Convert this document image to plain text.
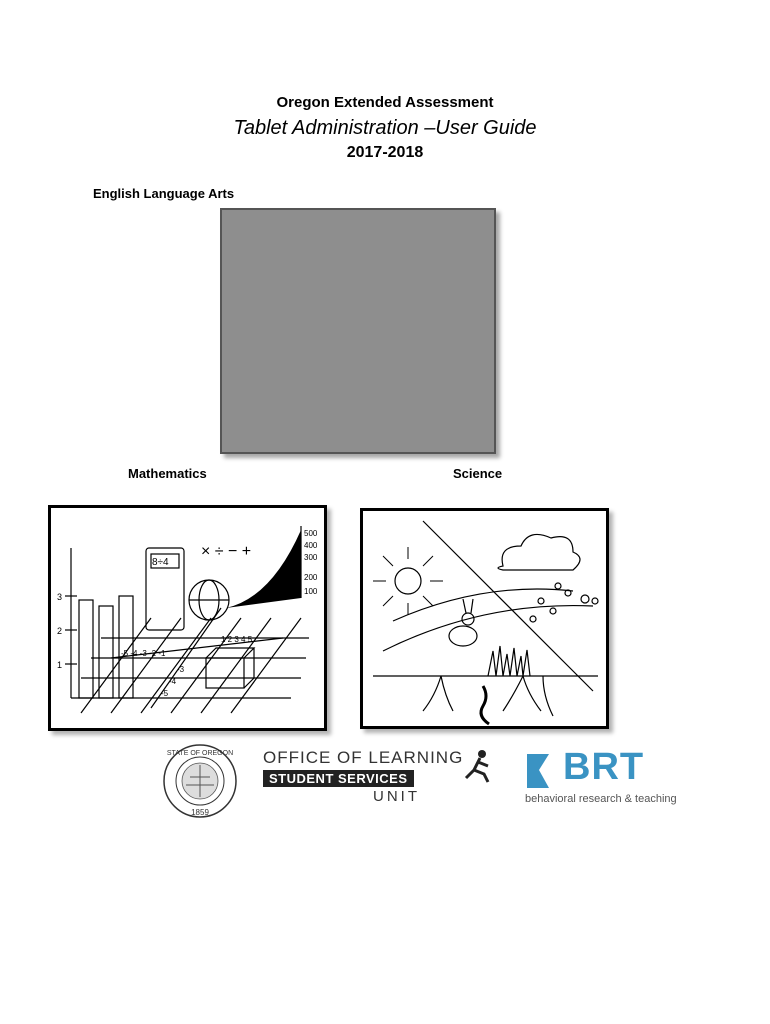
Oregon Extended Assessment
Tablet Administration –User Guide
2017-2018
English Language Arts
Mathematics	Science
8÷4
× ÷ − +
500
400
300
200
100
3
2
1
-5 -4 -3 -2 -1
1 2 3 4 5
-3
-4
-5
STATE OF OREGON
1859
OFFICE OF LEARNING
STUDENT SERVICES
UNIT
BRT
behavioral research & teaching
